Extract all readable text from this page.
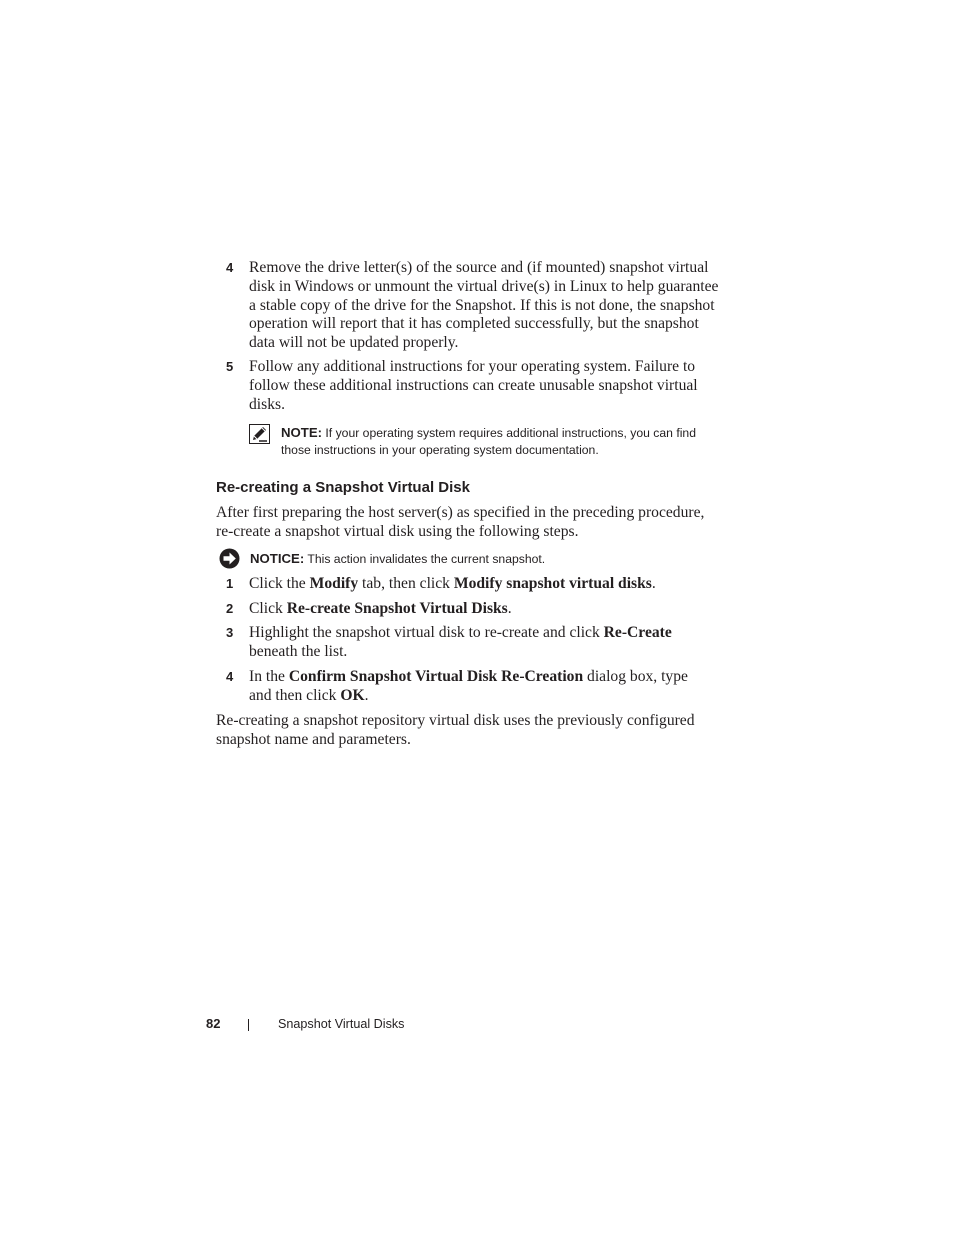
4	Remove the drive letter(s) of the source and (if mounted) snapshot virtual disk in Windows or unmount the virtual drive(s) in Linux to help guarantee a stable copy of the drive for the Snapshot. If this is not done, the snapshot operation will report that it has completed successfully, but the snapshot data will not be updated properly.
5	Follow any additional instructions for your operating system. Failure to follow these additional instructions can create unusable snapshot virtual disks.
NOTE: If your operating system requires additional instructions, you can find those instructions in your operating system documentation.
Re-creating a Snapshot Virtual Disk
After first preparing the host server(s) as specified in the preceding procedure, re-create a snapshot virtual disk using the following steps.
NOTICE: This action invalidates the current snapshot.
1	Click the Modify tab, then click Modify snapshot virtual disks.
2	Click Re-create Snapshot Virtual Disks.
3	Highlight the snapshot virtual disk to re-create and click Re-Create beneath the list.
4	In the Confirm Snapshot Virtual Disk Re-Creation dialog box, type and then click OK.
Re-creating a snapshot repository virtual disk uses the previously configured snapshot name and parameters.
82	Snapshot Virtual Disks
